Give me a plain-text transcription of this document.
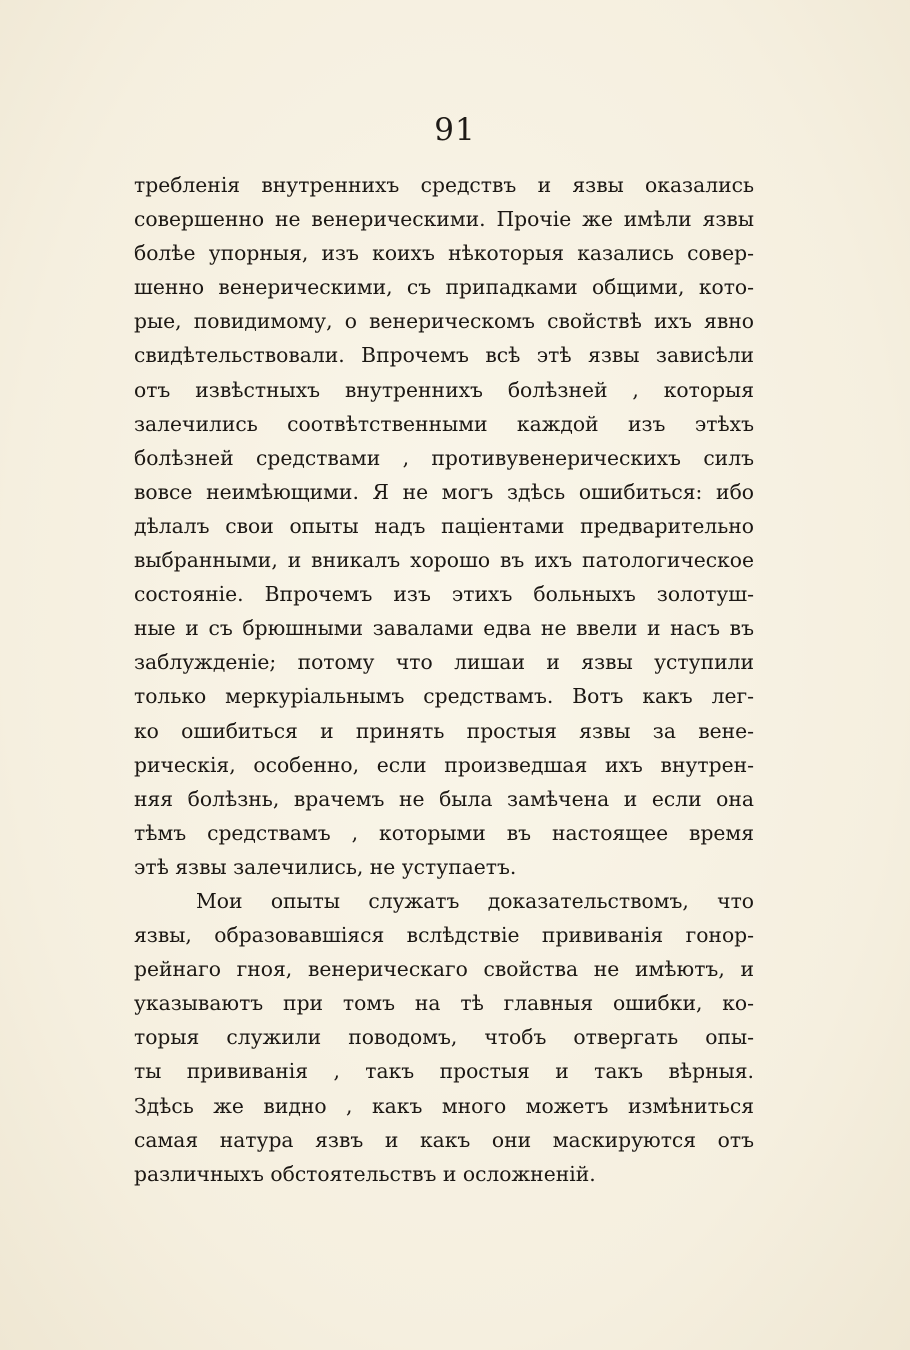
91
требленія внутреннихъ средствъ и язвы оказались
совершенно не венерическими. Прочіе же имѣли язвы
болѣе упорныя, изъ коихъ нѣкоторыя казались совер-
шенно венерическими, съ припадками общими, кото-
рые, повидимому, о венерическомъ свойствѣ ихъ явно
свидѣтельствовали. Впрочемъ всѣ этѣ язвы зависѣли
отъ извѣстныхъ внутреннихъ болѣзней , которыя
залечились соотвѣтственными каждой изъ этѣхъ
болѣзней средствами , противувенерическихъ силъ
вовсе неимѣющими. Я не могъ здѣсь ошибиться: ибо
дѣлалъ свои опыты надъ паціентами предварительно
выбранными, и вникалъ хорошо въ ихъ патологическое
состояніе. Впрочемъ изъ этихъ больныхъ золотуш-
ные и съ брюшными завалами едва не ввели и насъ въ
заблужденіе; потому что лишаи и язвы уступили
только меркуріальнымъ средствамъ. Вотъ какъ лег-
ко ошибиться и принять простыя язвы за вене-
рическія, особенно, если произведшая ихъ внутрен-
няя болѣзнь, врачемъ не была замѣчена и если она
тѣмъ средствамъ , которыми въ настоящее время
этѣ язвы залечились, не уступаетъ.
Мои опыты служатъ доказательствомъ, что
язвы, образовавшіяся вслѣдствіе прививанія гонор-
рейнаго гноя, венерическаго свойства не имѣютъ, и
указываютъ при томъ на тѣ главныя ошибки, ко-
торыя служили поводомъ, чтобъ отвергать опы-
ты прививанія , такъ простыя и такъ вѣрныя.
Здѣсь же видно , какъ много можетъ измѣниться
самая натура язвъ и какъ они маскируются отъ
различныхъ обстоятельствъ и осложненій.
